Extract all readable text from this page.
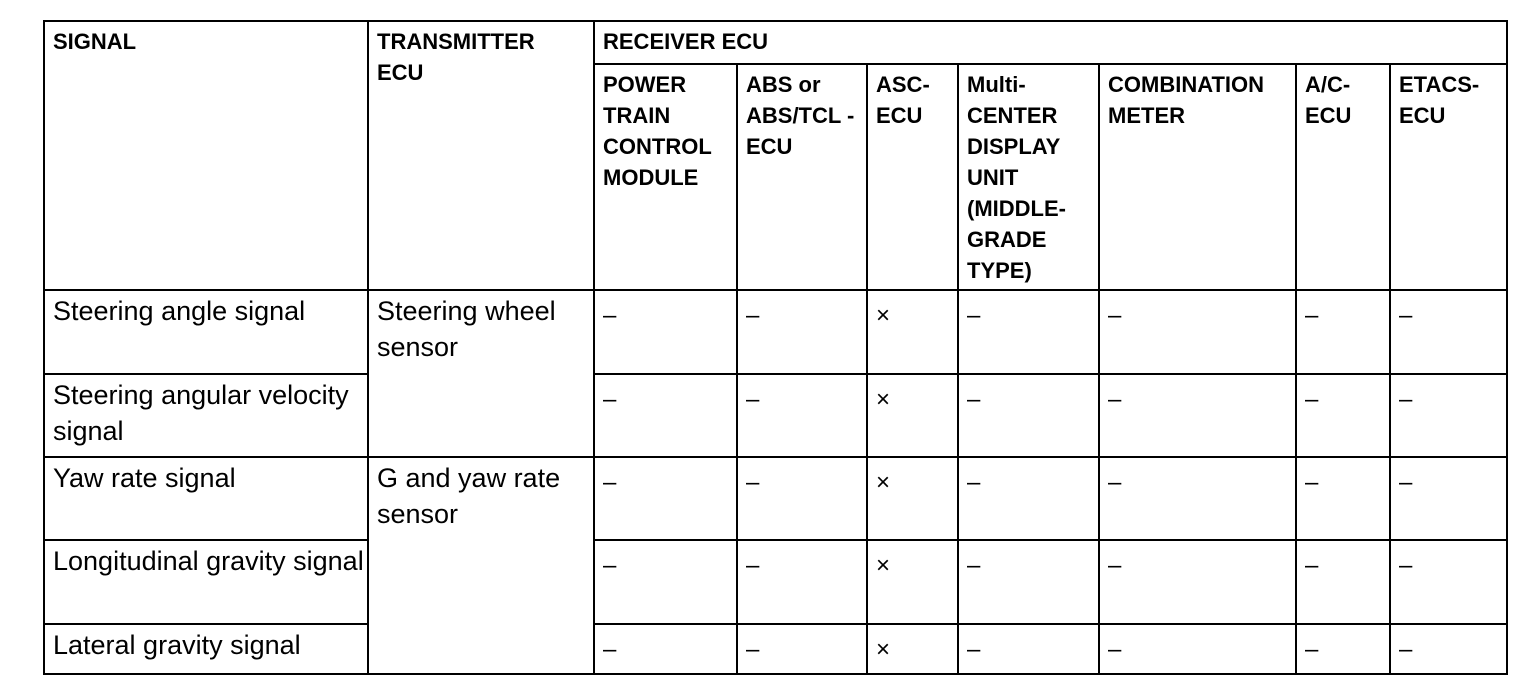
SIGNAL	TRANSMITTER ECU	RECEIVER ECU						
		POWER TRAIN CONTROL MODULE	ABS or ABS/TCL -ECU	ASC-ECU	Multi-CENTER DISPLAY UNIT (MIDDLE-GRADE TYPE)	COMBINATION METER	A/C-ECU	ETACS-ECU
Steering angle signal	Steering wheel sensor	–	–	×	–	–	–	–
Steering angular velocity signal		–	–	×	–	–	–	–
Yaw rate signal	G and yaw rate sensor	–	–	×	–	–	–	–
Longitudinal gravity signal		–	–	×	–	–	–	–
Lateral gravity signal		–	–	×	–	–	–	–
